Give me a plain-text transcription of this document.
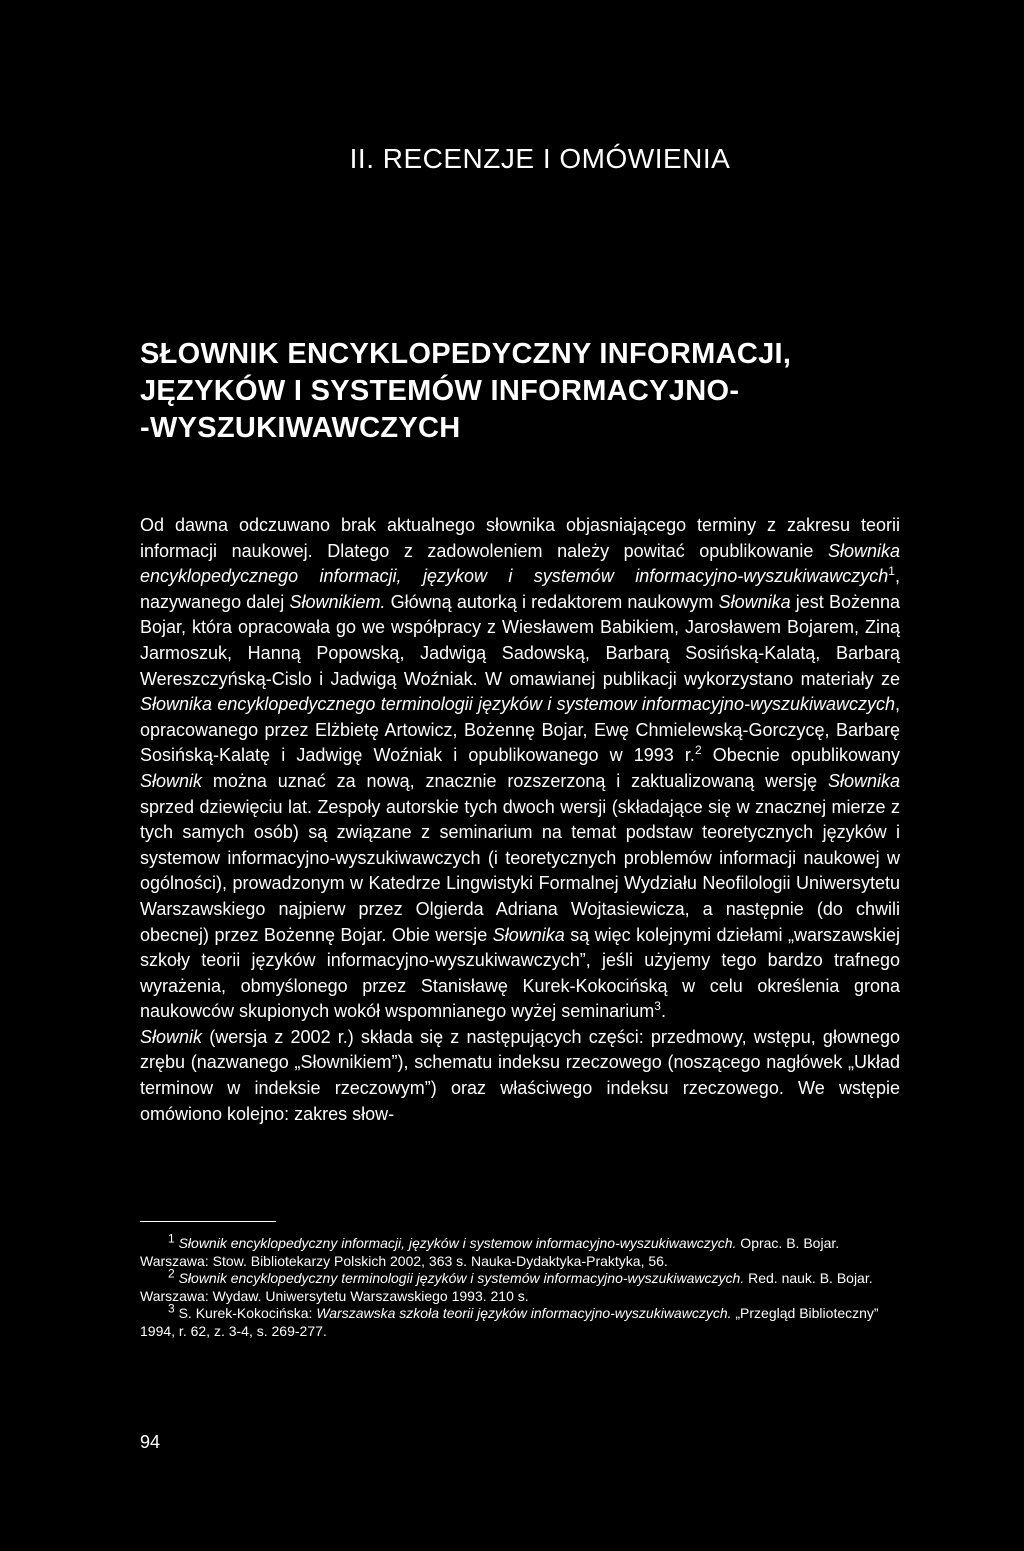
II. RECENZJE I OMÓWIENIA
SŁOWNIK ENCYKLOPEDYCZNY INFORMACJI,
JĘZYKÓW I SYSTEMÓW INFORMACYJNO-
-WYSZUKIWAWCZYCH

Od dawna odczuwano brak aktualnego słownika objasniającego terminy z zakresu teorii informacji naukowej. Dlatego z zadowoleniem należy powitać opublikowanie Słownika encyklopedycznego informacji, językow i systemów informacyjno-wyszukiwawczych$^1$, nazywanego dalej Słownikiem. Główną autorką i redaktorem naukowym Słownika jest Bożenna Bojar, która opracowała go we współpracy z Wiesławem Babikiem, Jarosławem Bojarem, Ziną Jarmoszuk, Hanną Popowską, Jadwigą Sadowską, Barbarą Sosińską-Kalatą, Barbarą Wereszczyńską-Cislo i Jadwigą Woźniak. W omawianej publikacji wykorzystano materiały ze Słownika encyklopedycznego terminologii języków i systemow informacyjno-wyszukiwawczych, opracowanego przez Elżbietę Artowicz, Bożennę Bojar, Ewę Chmielewską-Gorczycę, Barbarę Sosińską-Kalatę i Jadwigę Woźniak i opublikowanego w 1993 r.$^2$ Obecnie opublikowany Słownik można uznać za nową, znacznie rozszerzoną i zaktualizowaną wersję Słownika sprzed dziewięciu lat. Zespoły autorskie tych dwoch wersji (składające się w znacznej mierze z tych samych osób) są związane z seminarium na temat podstaw teoretycznych języków i systemow informacyjno-wyszukiwawczych (i teoretycznych problemów informacji naukowej w ogólności), prowadzonym w Katedrze Lingwistyki Formalnej Wydziału Neofilologii Uniwersytetu Warszawskiego najpierw przez Olgierda Adriana Wojtasiewicza, a następnie (do chwili obecnej) przez Bożennę Bojar. Obie wersje Słownika są więc kolejnymi dziełami „warszawskiej szkoły teorii języków informacyjno-wyszukiwawczych”, jeśli użyjemy tego bardzo trafnego wyrażenia, obmyślonego przez Stanisławę Kurek-Kokocińską w celu określenia grona naukowców skupionych wokół wspomnianego wyżej seminarium$^3$.

Słownik (wersja z 2002 r.) składa się z następujących części: przedmowy, wstępu, głownego zrębu (nazwanego „Słownikiem”), schematu indeksu rzeczowego (noszącego nagłówek „Układ terminow w indeksie rzeczowym”) oraz właściwego indeksu rzeczowego. We wstępie omówiono kolejno: zakres słow-

$^1$ Słownik encyklopedyczny informacji, języków i systemow informacyjno-wyszukiwawczych. Oprac. B. Bojar. Warszawa: Stow. Bibliotekarzy Polskich 2002, 363 s. Nauka-Dydaktyka-Praktyka, 56.

$^2$ Słownik encyklopedyczny terminologii języków i systemów informacyjno-wyszukiwawczych. Red. nauk. B. Bojar. Warszawa: Wydaw. Uniwersytetu Warszawskiego 1993. 210 s.

$^3$ S. Kurek-Kokocińska: Warszawska szkoła teorii języków informacyjno-wyszukiwawczych. „Przegląd Biblioteczny” 1994, r. 62, z. 3-4, s. 269-277.

94
